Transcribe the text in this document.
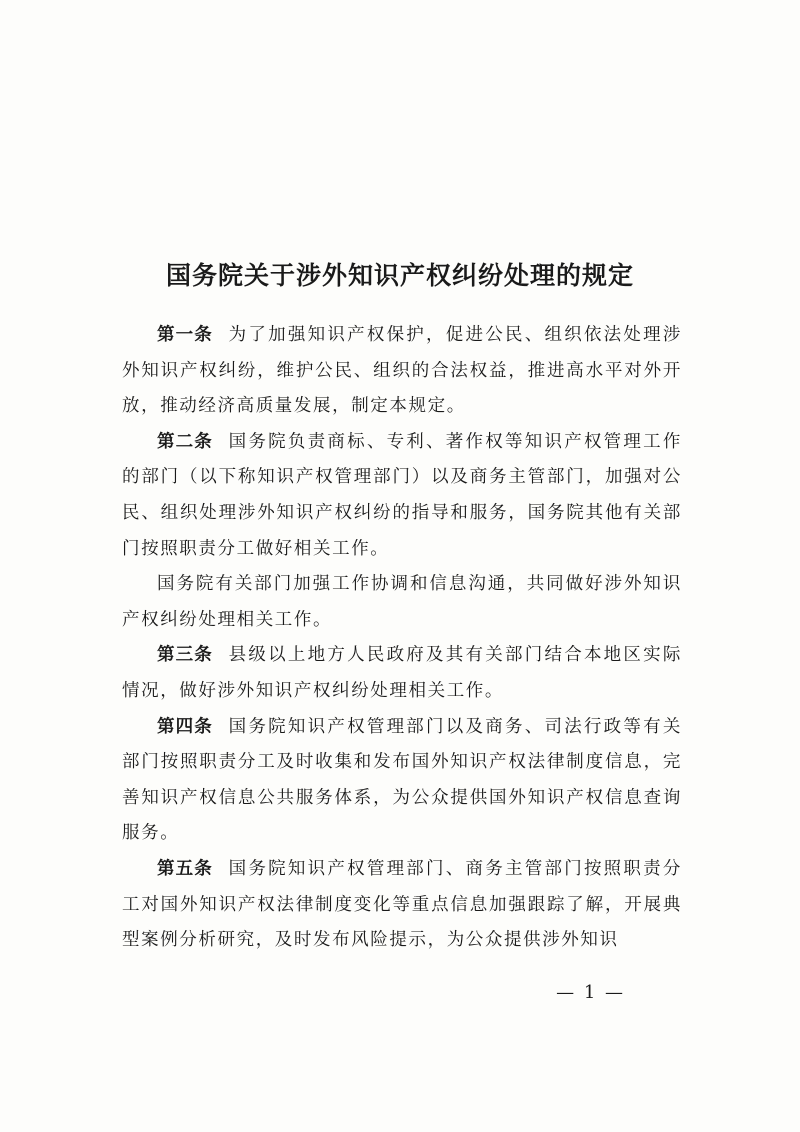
国务院关于涉外知识产权纠纷处理的规定

第一条 为了加强知识产权保护，促进公民、组织依法处理涉外知识产权纠纷，维护公民、组织的合法权益，推进高水平对外开放，推动经济高质量发展，制定本规定。

第二条 国务院负责商标、专利、著作权等知识产权管理工作的部门（以下称知识产权管理部门）以及商务主管部门，加强对公民、组织处理涉外知识产权纠纷的指导和服务，国务院其他有关部门按照职责分工做好相关工作。

国务院有关部门加强工作协调和信息沟通，共同做好涉外知识产权纠纷处理相关工作。

第三条 县级以上地方人民政府及其有关部门结合本地区实际情况，做好涉外知识产权纠纷处理相关工作。

第四条 国务院知识产权管理部门以及商务、司法行政等有关部门按照职责分工及时收集和发布国外知识产权法律制度信息，完善知识产权信息公共服务体系，为公众提供国外知识产权信息查询服务。

第五条 国务院知识产权管理部门、商务主管部门按照职责分工对国外知识产权法律制度变化等重点信息加强跟踪了解，开展典型案例分析研究，及时发布风险提示，为公众提供涉外知识

— 1 —
